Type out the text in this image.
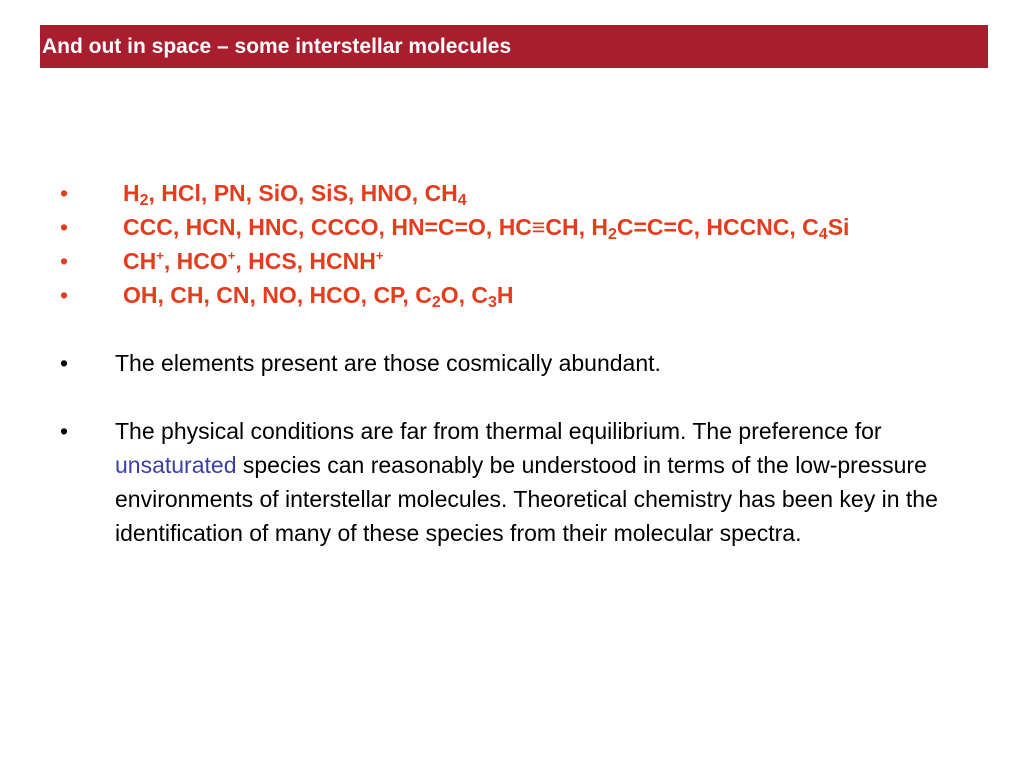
And out in space – some interstellar molecules
•	H2, HCl, PN, SiO, SiS, HNO, CH4
•	CCC, HCN, HNC, CCCO, HN=C=O, HC≡CH, H2C=C=C, HCCNC, C4Si
•	CH+, HCO+, HCS, HCNH+
•	OH, CH, CN, NO, HCO, CP, C2O, C3H
•	The elements present are those cosmically abundant.
•	The physical conditions are far from thermal equilibrium. The preference for unsaturated species can reasonably be understood in terms of the low-pressure environments of interstellar molecules. Theoretical chemistry has been key in the identification of many of these species from their molecular spectra.
